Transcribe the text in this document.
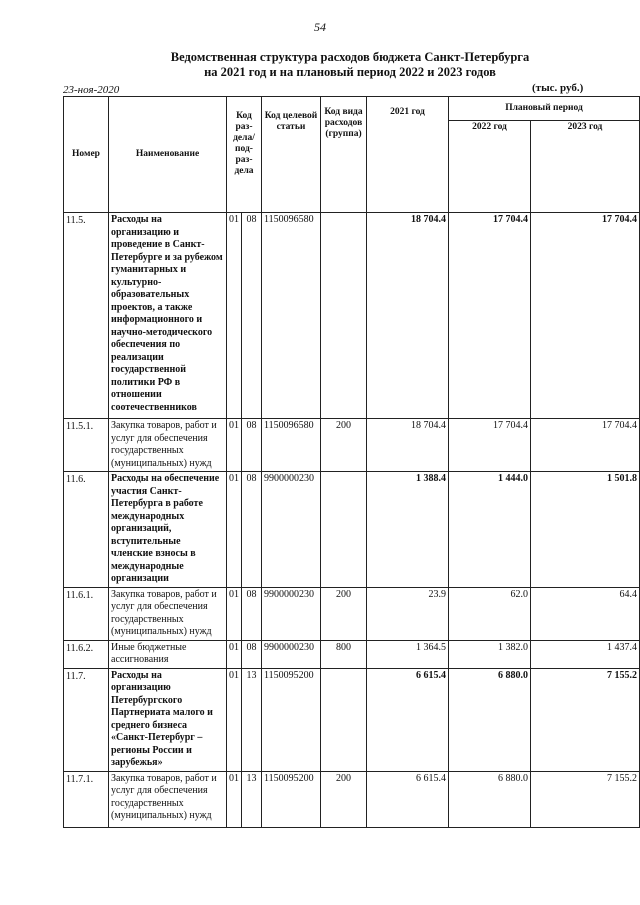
54
Ведомственная структура расходов бюджета Санкт-Петербурга
на 2021 год и на плановый период 2022 и 2023 годов
23-ноя-2020	(тыс. руб.)
Номер	Наименование	Код раз-дела/ под-раз-дела		Код целевой статьи	Код вида расходов (группа)	2021 год	Плановый период	
							2022 год	2023 год
11.5.	Расходы на организацию и проведение в Санкт-Петербурге и за рубежом гуманитарных и культурно-образовательных проектов, а также информационного и научно-методического обеспечения по реализации государственной политики РФ в отношении соотечественников	01	08	1150096580		18 704.4	17 704.4	17 704.4
11.5.1.	Закупка товаров, работ и услуг для обеспечения государственных (муниципальных) нужд	01	08	1150096580	200	18 704.4	17 704.4	17 704.4
11.6.	Расходы на обеспечение участия Санкт-Петербурга в работе международных организаций, вступительные членские взносы в международные организации	01	08	9900000230		1 388.4	1 444.0	1 501.8
11.6.1.	Закупка товаров, работ и услуг для обеспечения государственных (муниципальных) нужд	01	08	9900000230	200	23.9	62.0	64.4
11.6.2.	Иные бюджетные ассигнования	01	08	9900000230	800	1 364.5	1 382.0	1 437.4
11.7.	Расходы на организацию Петербургского Партнериата малого и среднего бизнеса «Санкт-Петербург – регионы России и зарубежья»	01	13	1150095200		6 615.4	6 880.0	7 155.2
11.7.1.	Закупка товаров, работ и услуг для обеспечения государственных (муниципальных) нужд	01	13	1150095200	200	6 615.4	6 880.0	7 155.2
